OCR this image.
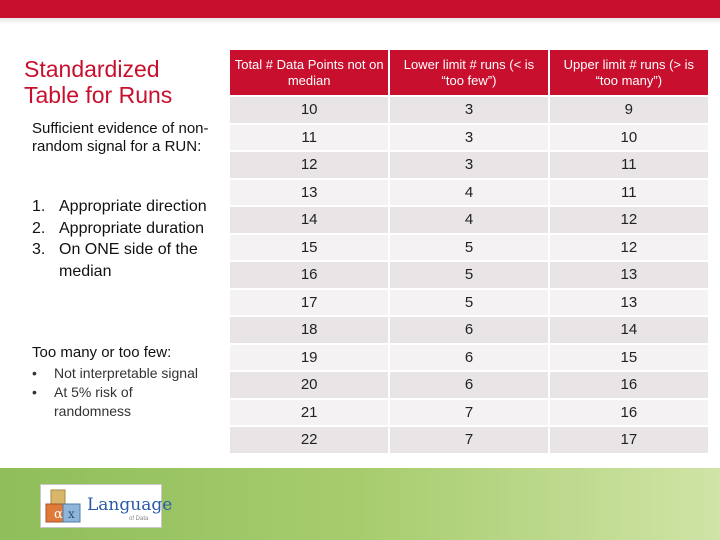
Standardized Table for Runs
Sufficient evidence of non-random signal for a RUN:
1. Appropriate direction
2. Appropriate duration
3. On ONE side of the median
Too many or too few:
• Not interpretable signal
• At 5% risk of randomness
Total # Data Points not on median	Lower limit # runs (< is “too few”)	Upper limit # runs (> is “too many”)
10	3	9
11	3	10
12	3	11
13	4	11
14	4	12
15	5	12
16	5	13
17	5	13
18	6	14
19	6	15
20	6	16
21	7	16
22	7	17
α x Language
of Data
